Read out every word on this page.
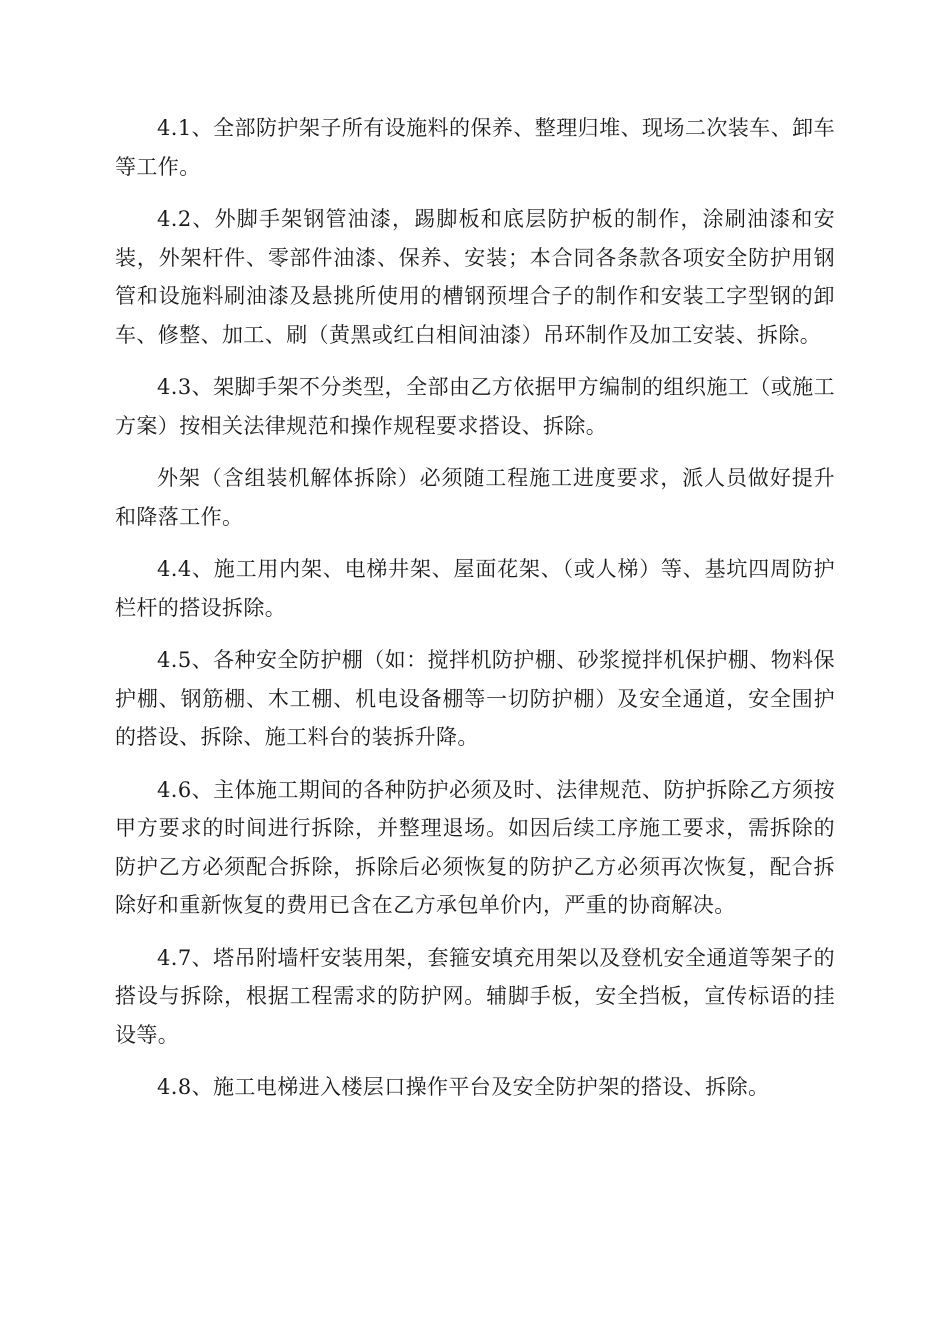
4.1、全部防护架子所有设施料的保养、整理归堆、现场二次装车、卸车等工作。

4.2、外脚手架钢管油漆，踢脚板和底层防护板的制作，涂刷油漆和安装，外架杆件、零部件油漆、保养、安装；本合同各条款各项安全防护用钢管和设施料刷油漆及悬挑所使用的槽钢预埋合子的制作和安装工字型钢的卸车、修整、加工、刷（黄黑或红白相间油漆）吊环制作及加工安装、拆除。

4.3、架脚手架不分类型，全部由乙方依据甲方编制的组织施工（或施工方案）按相关法律规范和操作规程要求搭设、拆除。

外架（含组装机解体拆除）必须随工程施工进度要求，派人员做好提升和降落工作。

4.4、施工用内架、电梯井架、屋面花架、（或人梯）等、基坑四周防护栏杆的搭设拆除。

4.5、各种安全防护棚（如：搅拌机防护棚、砂浆搅拌机保护棚、物料保护棚、钢筋棚、木工棚、机电设备棚等一切防护棚）及安全通道，安全围护的搭设、拆除、施工料台的装拆升降。

4.6、主体施工期间的各种防护必须及时、法律规范、防护拆除乙方须按甲方要求的时间进行拆除，并整理退场。如因后续工序施工要求，需拆除的防护乙方必须配合拆除，拆除后必须恢复的防护乙方必须再次恢复，配合拆除好和重新恢复的费用已含在乙方承包单价内，严重的协商解决。

4.7、塔吊附墙杆安装用架，套箍安填充用架以及登机安全通道等架子的搭设与拆除，根据工程需求的防护网。辅脚手板，安全挡板，宣传标语的挂设等。

4.8、施工电梯进入楼层口操作平台及安全防护架的搭设、拆除。
